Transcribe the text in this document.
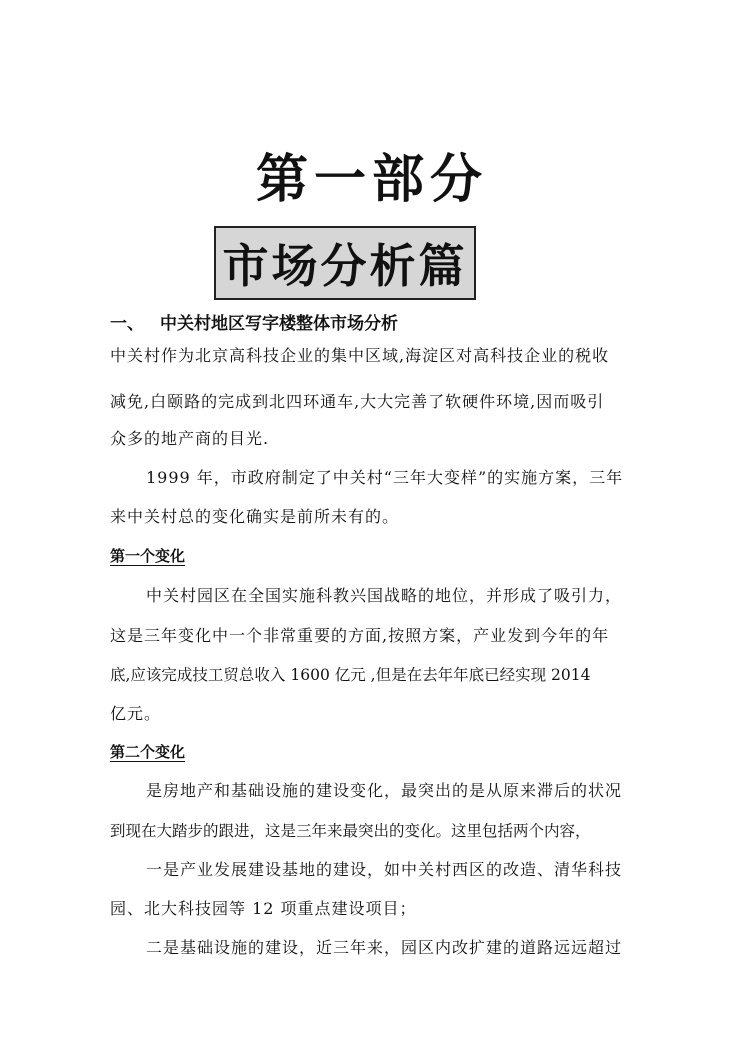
第一部分
市场分析篇
一、 中关村地区写字楼整体市场分析
中关村作为北京高科技企业的集中区域,海淀区对高科技企业的税收
减免,白颐路的完成到北四环通车,大大完善了软硬件环境,因而吸引
众多的地产商的目光.
1999 年，市政府制定了中关村“三年大变样”的实施方案，三年
来中关村总的变化确实是前所未有的。
第一个变化
中关村园区在全国实施科教兴国战略的地位，并形成了吸引力，
这是三年变化中一个非常重要的方面,按照方案，产业发到今年的年
底,应该完成技工贸总收入 1600 亿元 ,但是在去年年底已经实现 2014
亿元。
第二个变化
是房地产和基础设施的建设变化，最突出的是从原来滞后的状况
到现在大踏步的跟进，这是三年来最突出的变化。这里包括两个内容，
一是产业发展建设基地的建设，如中关村西区的改造、清华科技
园、北大科技园等 12 项重点建设项目；
二是基础设施的建设，近三年来，园区内改扩建的道路远远超过
